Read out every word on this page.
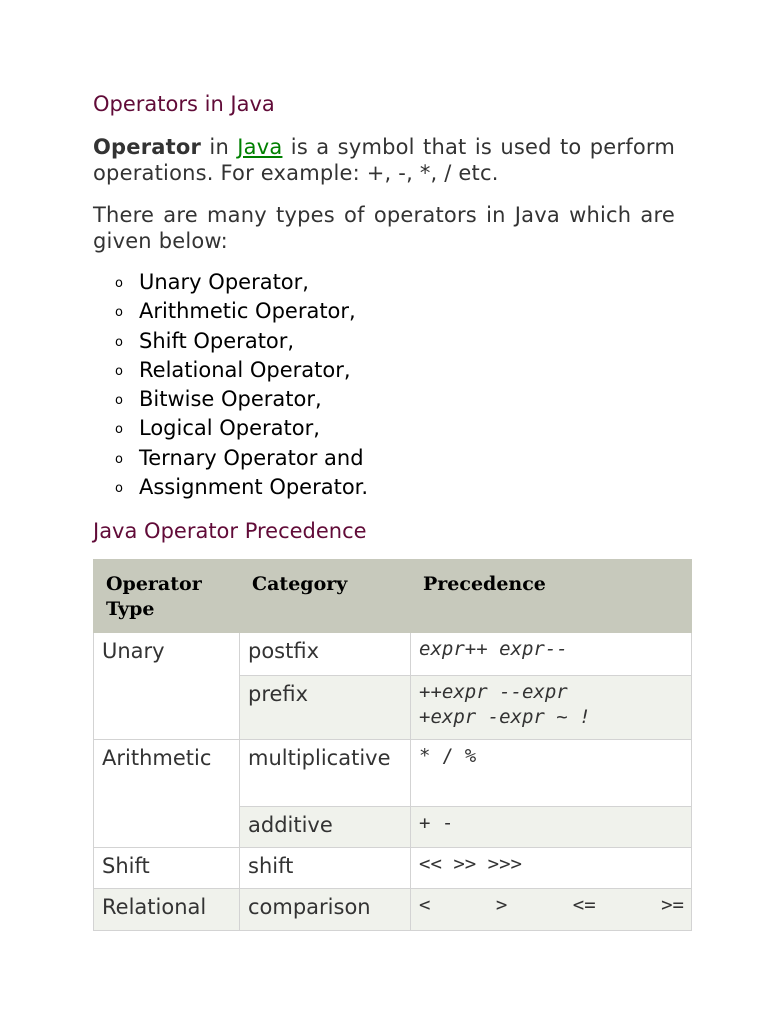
Operators in Java

Operator in Java is a symbol that is used to perform operations. For example: +, -, *, / etc.

There are many types of operators in Java which are given below:

o Unary Operator,
o Arithmetic Operator,
o Shift Operator,
o Relational Operator,
o Bitwise Operator,
o Logical Operator,
o Ternary Operator and
o Assignment Operator.
Java Operator Precedence
Operator Type	Category	Precedence
Unary	postfix	expr++ expr--
	prefix	++expr --expr
+expr -expr ~ !
Arithmetic	multiplicative	* / %
	additive	+ -
Shift	shift	<< >> >>>
Relational	comparison	< > <= >=
